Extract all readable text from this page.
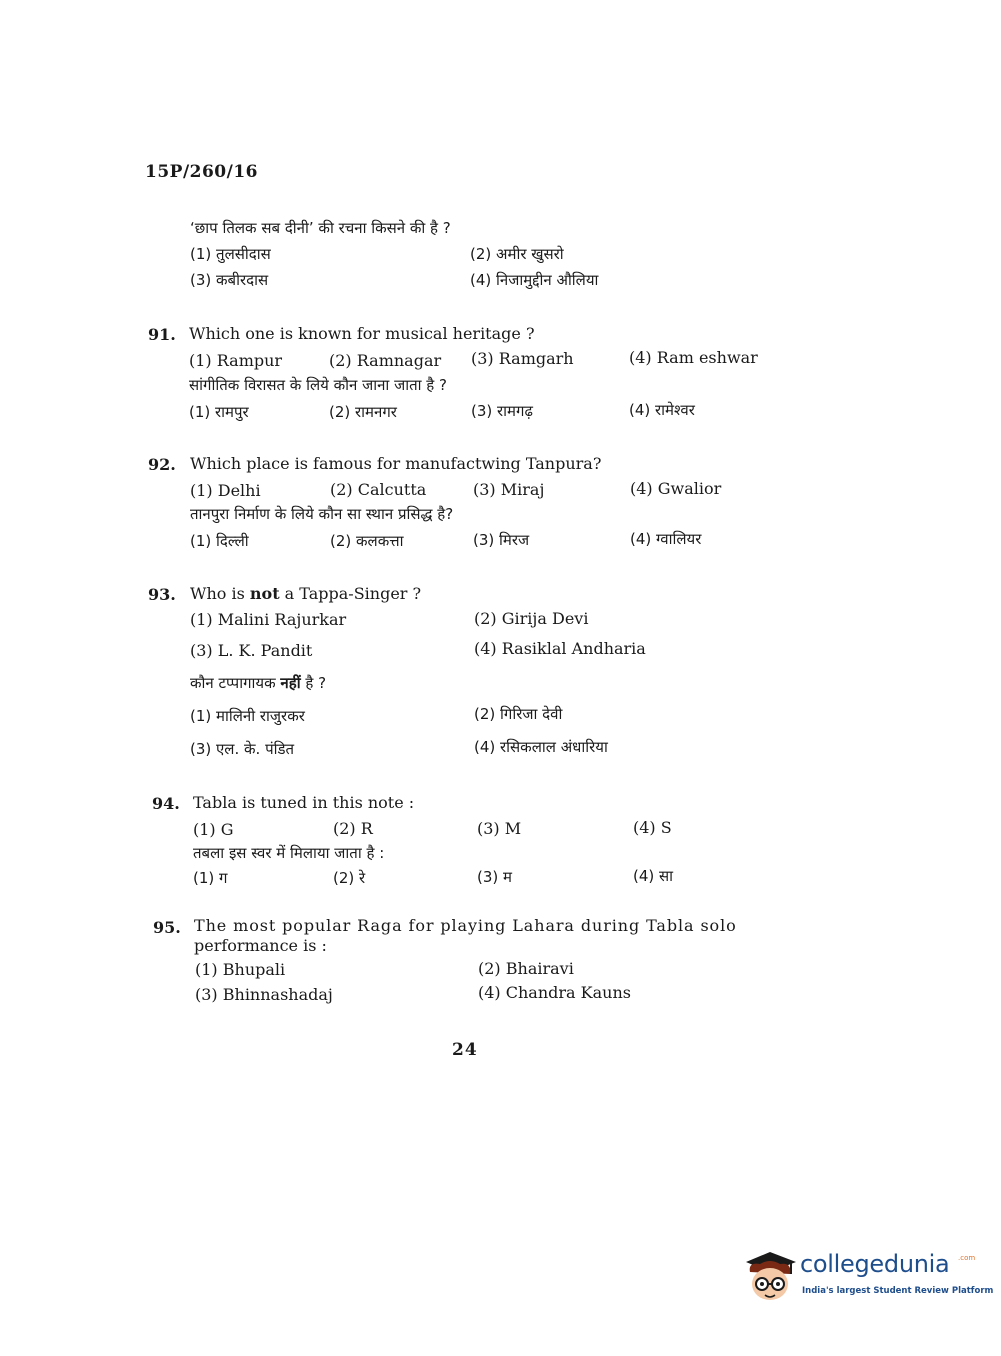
15P/260/16
‘छाप तिलक सब दीनी’ की रचना किसने की है ?
(1) तुलसीदास	(2) अमीर खुसरो
(3) कबीरदास	(4) निजामुद्दीन औलिया
91. Which one is known for musical heritage ?
(1) Rampur	(2) Ramnagar (3) Ramgarh	(4) Ram eshwar
सांगीतिक विरासत के लिये कौन जाना जाता है ?
(1) रामपुर	(2) रामनगर	(3) रामगढ़	(4) रामेश्वर
92. Which place is famous for manufactwing Tanpura?
(1) Delhi	(2) Calcutta	(3) Miraj	(4) Gwalior
तानपुरा निर्माण के लिये कौन सा स्थान प्रसिद्ध है?
(1) दिल्ली	(2) कलकत्ता	(3) मिरज	(4) ग्वालियर
93. Who is not a Tappa-Singer ?
(1) Malini Rajurkar	(2) Girija Devi
(3) L. K. Pandit	(4) Rasiklal Andharia
कौन टप्पागायक नहीं है ?
(1) मालिनी राजुरकर	(2) गिरिजा देवी
(3) एल. के. पंडित	(4) रसिकलाल अंधारिया
94. Tabla is tuned in this note :
(1) G	(2) R	(3) M	(4) S
तबला इस स्वर में मिलाया जाता है :
(1) ग	(2) रे	(3) म	(4) सा
95. The most popular Raga for playing Lahara during Tabla solo
performance is :
(1) Bhupali	(2) Bhairavi
(3) Bhinnashadaj	(4) Chandra Kauns
24
collegedunia .com
India's largest Student Review Platform
